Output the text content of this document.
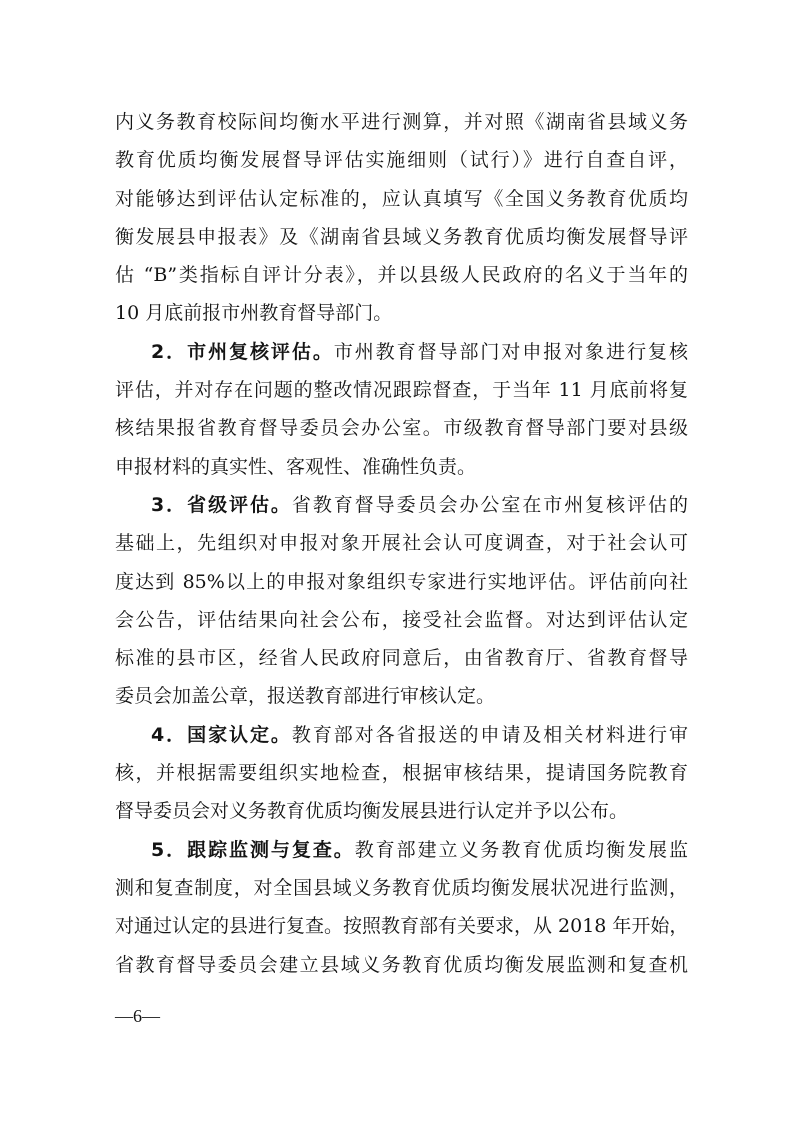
内义务教育校际间均衡水平进行测算，并对照《湖南省县域义务
教育优质均衡发展督导评估实施细则（试行）》进行自查自评，
对能够达到评估认定标准的，应认真填写《全国义务教育优质均
衡发展县申报表》及《湖南省县域义务教育优质均衡发展督导评
估 “B”类指标自评计分表》，并以县级人民政府的名义于当年的
10 月底前报市州教育督导部门。
2．市州复核评估。市州教育督导部门对申报对象进行复核
评估，并对存在问题的整改情况跟踪督查，于当年 11 月底前将复
核结果报省教育督导委员会办公室。市级教育督导部门要对县级
申报材料的真实性、客观性、准确性负责。
3．省级评估。省教育督导委员会办公室在市州复核评估的
基础上，先组织对申报对象开展社会认可度调查，对于社会认可
度达到 85%以上的申报对象组织专家进行实地评估。评估前向社
会公告，评估结果向社会公布，接受社会监督。对达到评估认定
标准的县市区，经省人民政府同意后，由省教育厅、省教育督导
委员会加盖公章，报送教育部进行审核认定。
4．国家认定。教育部对各省报送的申请及相关材料进行审
核，并根据需要组织实地检查，根据审核结果，提请国务院教育
督导委员会对义务教育优质均衡发展县进行认定并予以公布。
5．跟踪监测与复查。教育部建立义务教育优质均衡发展监
测和复查制度，对全国县域义务教育优质均衡发展状况进行监测，
对通过认定的县进行复查。按照教育部有关要求，从 2018 年开始，
省教育督导委员会建立县域义务教育优质均衡发展监测和复查机
—6—
